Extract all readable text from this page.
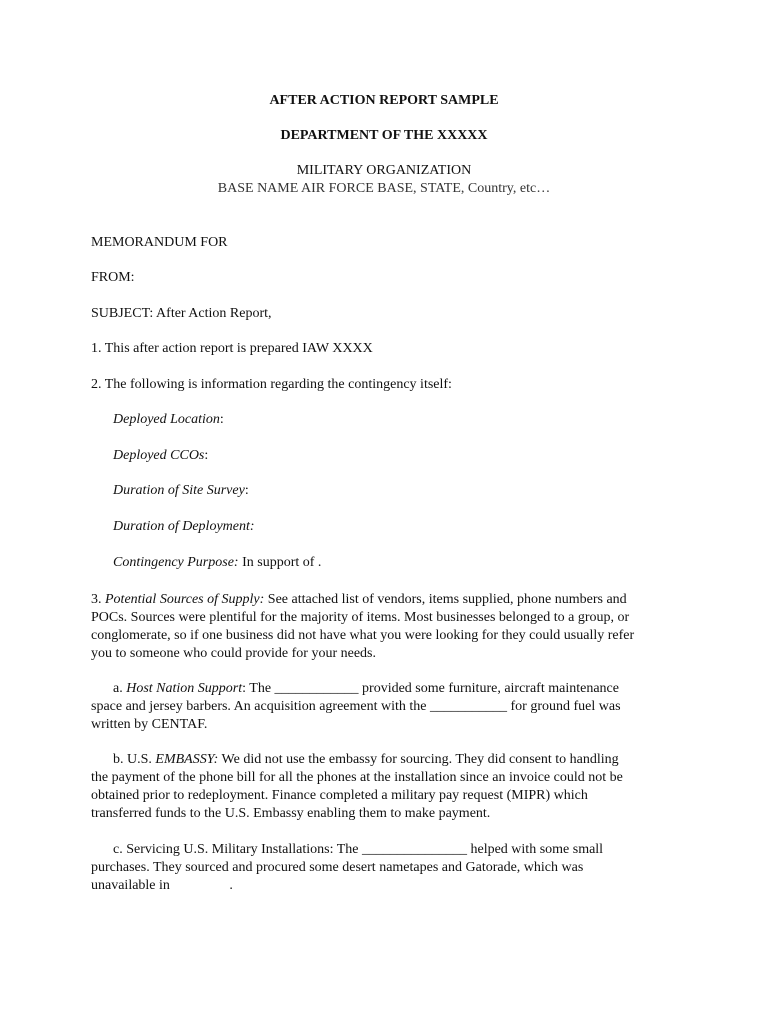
AFTER ACTION REPORT SAMPLE
DEPARTMENT OF THE XXXXX
MILITARY ORGANIZATION
BASE NAME AIR FORCE BASE, STATE, Country, etc…
MEMORANDUM FOR
FROM:
SUBJECT: After Action Report,
1. This after action report is prepared IAW XXXX
2. The following is information regarding the contingency itself:
Deployed Location:
Deployed CCOs:
Duration of Site Survey:
Duration of Deployment:
Contingency Purpose: In support of .
3. Potential Sources of Supply: See attached list of vendors, items supplied, phone numbers and
POCs. Sources were plentiful for the majority of items. Most businesses belonged to a group, or
conglomerate, so if one business did not have what you were looking for they could usually refer
you to someone who could provide for your needs.
a. Host Nation Support: The ____________ provided some furniture, aircraft maintenance
space and jersey barbers. An acquisition agreement with the ___________ for ground fuel was
written by CENTAF.
b. U.S. EMBASSY: We did not use the embassy for sourcing. They did consent to handling
the payment of the phone bill for all the phones at the installation since an invoice could not be
obtained prior to redeployment. Finance completed a military pay request (MIPR) which
transferred funds to the U.S. Embassy enabling them to make payment.
c. Servicing U.S. Military Installations: The _______________ helped with some small
purchases. They sourced and procured some desert nametapes and Gatorade, which was
unavailable in                 .
